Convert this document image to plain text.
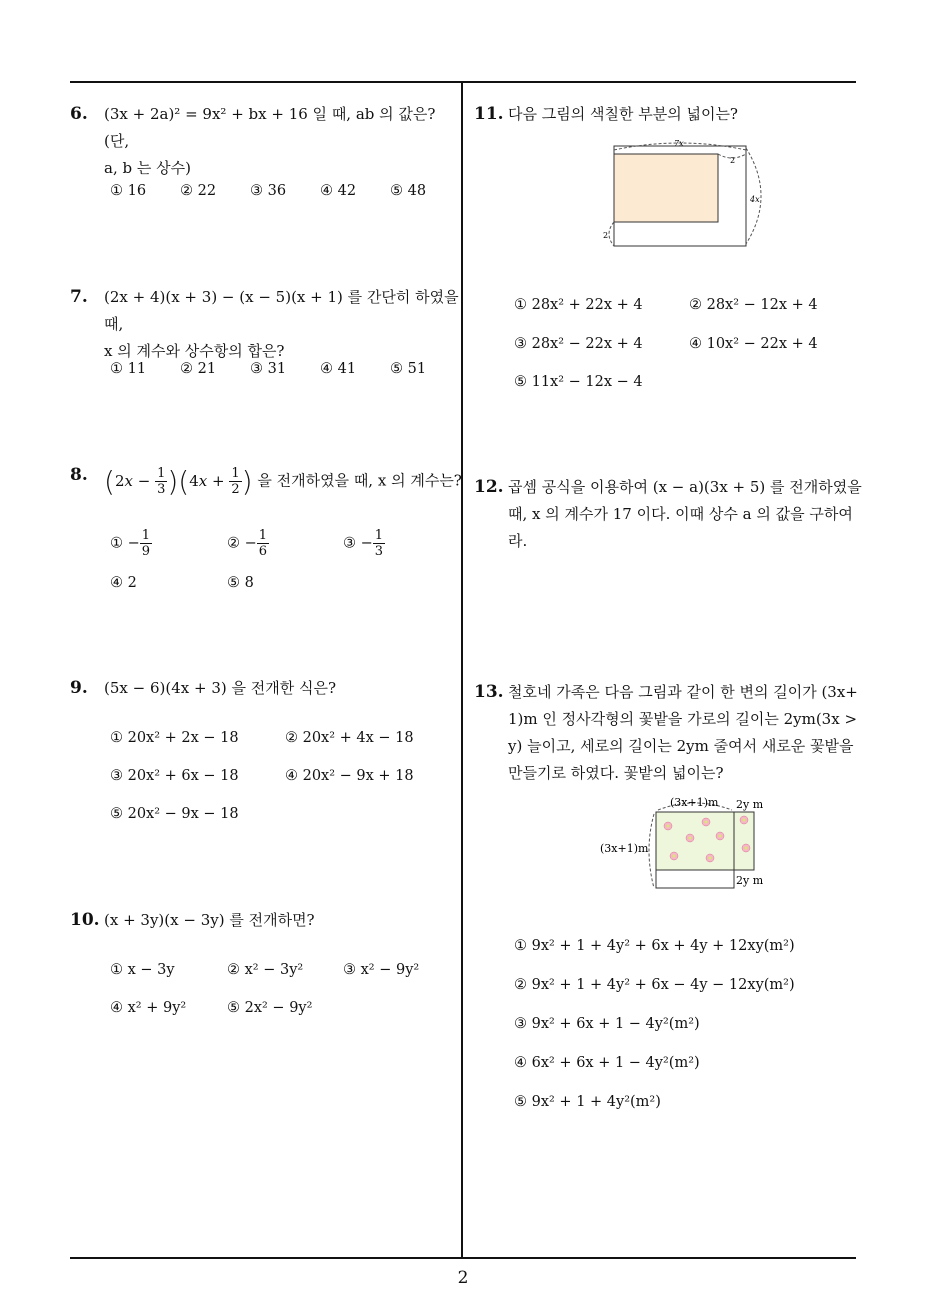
6. (3x + 2a)² = 9x² + bx + 16 일 때, ab 의 값은? (단,
a, b 는 상수)
① 16 ② 22 ③ 36 ④ 42 ⑤ 48
7. (2x + 4)(x + 3) − (x − 5)(x + 1) 를 간단히 하였을 때,
x 의 계수와 상수항의 합은?
① 11 ② 21 ③ 31 ④ 41 ⑤ 51
8. $(2x - \frac{1}{3} )(4x + \frac{1}{2}$ ) 을 전개하였을 때, x 의 계수는?
① − $\frac{1}{9}$	② − $\frac{1}{6}$	③ − $\frac{1}{3}$
④ 2	⑤ 8
9. (5x − 6)(4x + 3) 을 전개한 식은?
① 20x² + 2x − 18	② 20x² + 4x − 18
③ 20x² + 6x − 18	④ 20x² − 9x + 18
⑤ 20x² − 9x − 18
10. (x + 3y)(x − 3y) 를 전개하면?
① x − 3y	② x² − 3y²	③ x² − 9y²
④ x² + 9y²	⑤ 2x² − 9y²
11. 다음 그림의 색칠한 부분의 넓이는?
7x
2
4x
2
① 28x² + 22x + 4	② 28x² − 12x + 4
③ 28x² − 22x + 4	④ 10x² − 22x + 4
⑤ 11x² − 12x − 4
12. 곱셈 공식을 이용하여 (x − a)(3x + 5) 를 전개하였을
때, x 의 계수가 17 이다. 이때 상수 a 의 값을 구하여
라.
13. 철호네 가족은 다음 그림과 같이 한 변의 길이가 (3x+
1)m 인 정사각형의 꽃밭을 가로의 길이는 2ym(3x >
y) 늘이고, 세로의 길이는 2ym 줄여서 새로운 꽃밭을
만들기로 하였다. 꽃밭의 넓이는?
(3x+1)m 2y m
(3x+1)m
2y m
① 9x² + 1 + 4y² + 6x + 4y + 12xy(m²)
② 9x² + 1 + 4y² + 6x − 4y − 12xy(m²)
③ 9x² + 6x + 1 − 4y²(m²)
④ 6x² + 6x + 1 − 4y²(m²)
⑤ 9x² + 1 + 4y²(m²)
2
